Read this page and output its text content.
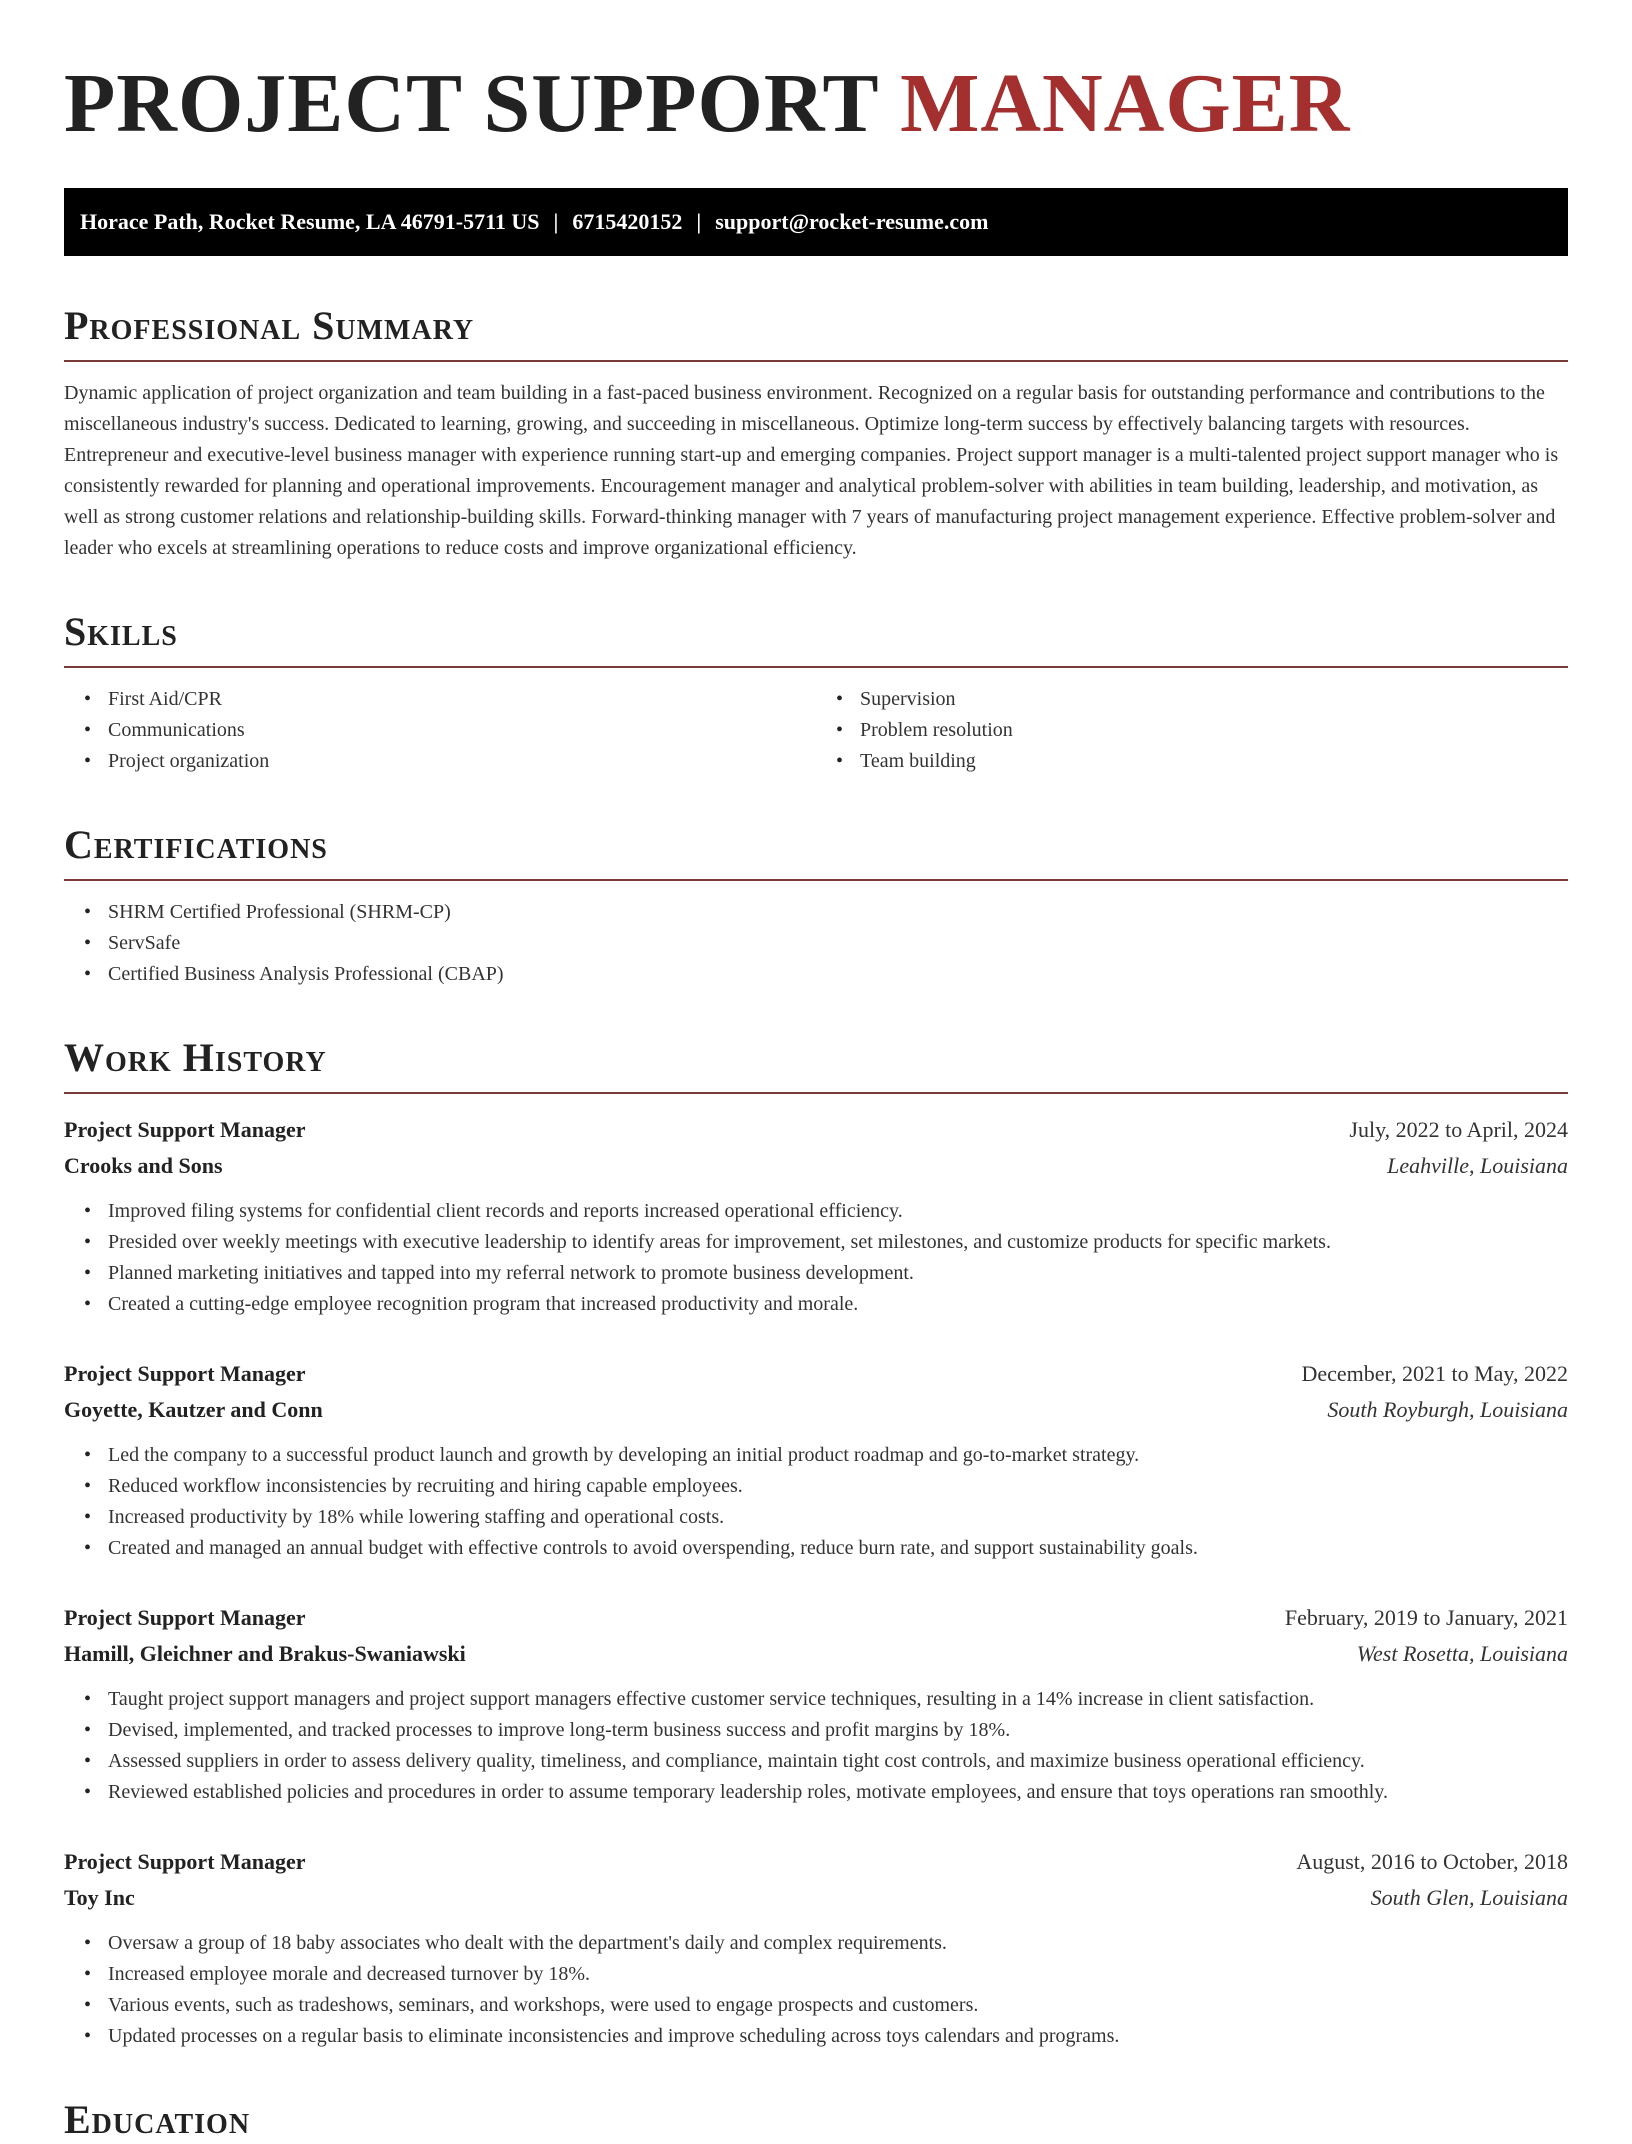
PROJECT SUPPORT MANAGER
Horace Path, Rocket Resume, LA 46791-5711 US | 6715420152 | support@rocket-resume.com
Professional Summary

Dynamic application of project organization and team building in a fast-paced business environment. Recognized on a regular basis for outstanding performance and contributions to the miscellaneous industry's success. Dedicated to learning, growing, and succeeding in miscellaneous. Optimize long-term success by effectively balancing targets with resources. Entrepreneur and executive-level business manager with experience running start-up and emerging companies. Project support manager is a multi-talented project support manager who is consistently rewarded for planning and operational improvements. Encouragement manager and analytical problem-solver with abilities in team building, leadership, and motivation, as well as strong customer relations and relationship-building skills. Forward-thinking manager with 7 years of manufacturing project management experience. Effective problem-solver and leader who excels at streamlining operations to reduce costs and improve organizational efficiency.

Skills
• First Aid/CPR
• Communications
• Project organization
• Supervision
• Problem resolution
• Team building
Certifications
• SHRM Certified Professional (SHRM-CP)
• ServSafe
• Certified Business Analysis Professional (CBAP)
Work History
Project Support Manager	July, 2022 to April, 2024
Crooks and Sons	Leahville, Louisiana
• Improved filing systems for confidential client records and reports increased operational efficiency.
• Presided over weekly meetings with executive leadership to identify areas for improvement, set milestones, and customize products for specific markets.
• Planned marketing initiatives and tapped into my referral network to promote business development.
• Created a cutting-edge employee recognition program that increased productivity and morale.
Project Support Manager	December, 2021 to May, 2022
Goyette, Kautzer and Conn	South Royburgh, Louisiana
• Led the company to a successful product launch and growth by developing an initial product roadmap and go-to-market strategy.
• Reduced workflow inconsistencies by recruiting and hiring capable employees.
• Increased productivity by 18% while lowering staffing and operational costs.
• Created and managed an annual budget with effective controls to avoid overspending, reduce burn rate, and support sustainability goals.
Project Support Manager	February, 2019 to January, 2021
Hamill, Gleichner and Brakus-Swaniawski	West Rosetta, Louisiana
• Taught project support managers and project support managers effective customer service techniques, resulting in a 14% increase in client satisfaction.
• Devised, implemented, and tracked processes to improve long-term business success and profit margins by 18%.
• Assessed suppliers in order to assess delivery quality, timeliness, and compliance, maintain tight cost controls, and maximize business operational efficiency.
• Reviewed established policies and procedures in order to assume temporary leadership roles, motivate employees, and ensure that toys operations ran smoothly.
Project Support Manager	August, 2016 to October, 2018
Toy Inc	South Glen, Louisiana
• Oversaw a group of 18 baby associates who dealt with the department's daily and complex requirements.
• Increased employee morale and decreased turnover by 18%.
• Various events, such as tradeshows, seminars, and workshops, were used to engage prospects and customers.
• Updated processes on a regular basis to eliminate inconsistencies and improve scheduling across toys calendars and programs.
Education
